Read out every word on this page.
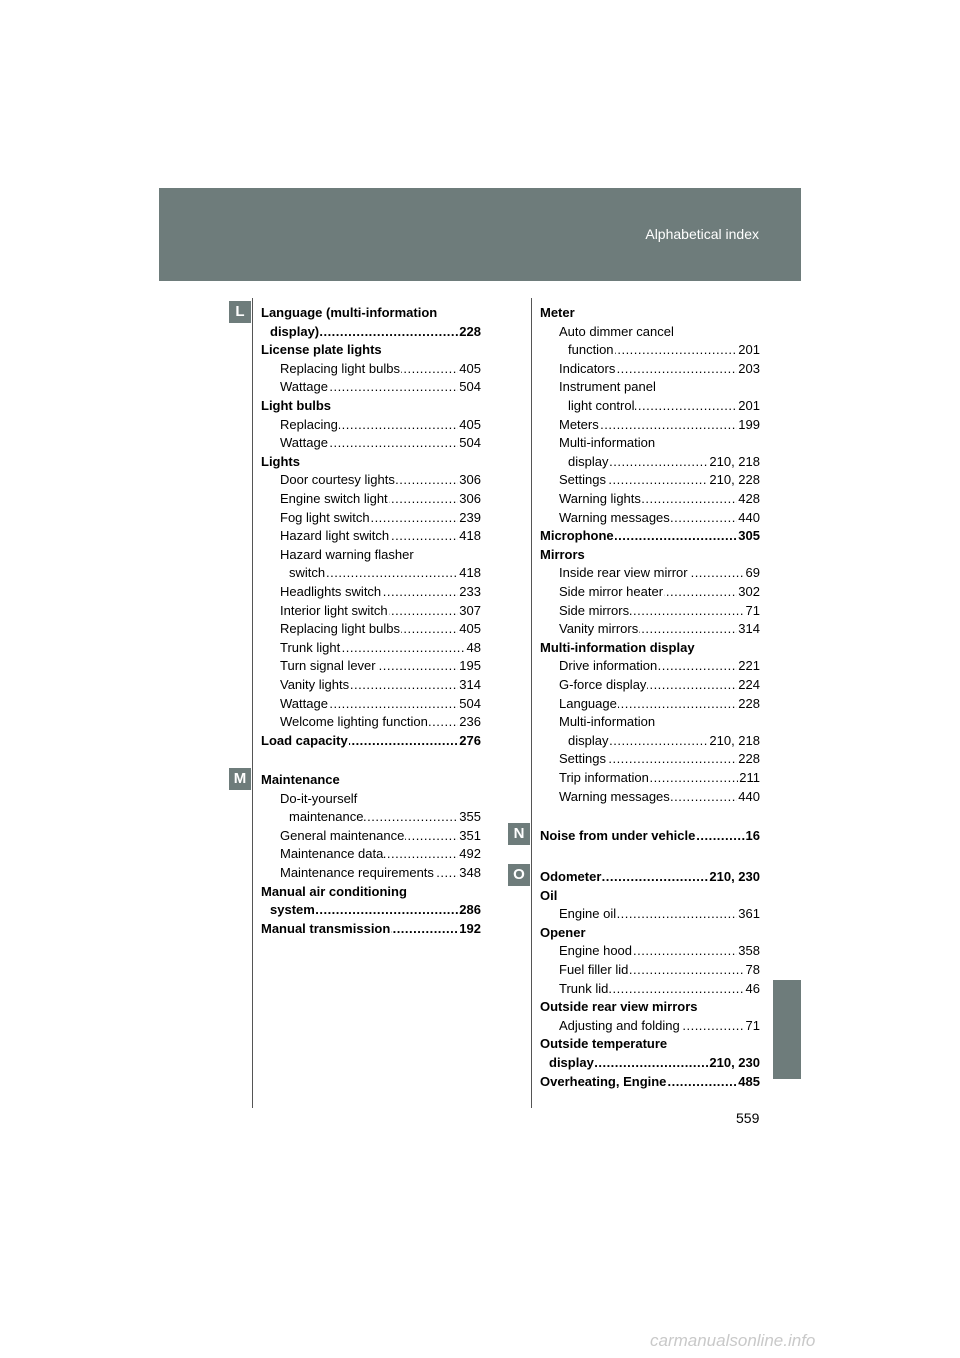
Alphabetical index
L
M
N
O
Language (multi-information
..... display)	228
License plate lights
..... Replacing light bulbs	405
..... Wattage	504
Light bulbs
..... Replacing	405
..... Wattage	504
Lights
..... Door courtesy lights	306
..... Engine switch light	306
..... Fog light switch	239
..... Hazard light switch	418
Hazard warning flasher
..... switch	418
..... Headlights switch	233
..... Interior light switch	307
..... Replacing light bulbs	405
..... Trunk light	48
..... Turn signal lever	195
..... Vanity lights	314
..... Wattage	504
..... Welcome lighting function 236
..... Load capacity	276
Maintenance
Do-it-yourself
..... maintenance	355
..... General maintenance	351
..... Maintenance data	492
..... Maintenance requirements 348
Manual air conditioning
..... system	286
..... Manual transmission	192
Meter
Auto dimmer cancel
..... function	201
..... Indicators	203
Instrument panel
..... light control	201
..... Meters	199
Multi-information
..... display	210, 218
..... Settings	210, 228
..... Warning lights	428
..... Warning messages	440
..... Microphone	305
Mirrors
..... Inside rear view mirror	69
..... Side mirror heater	302
..... Side mirrors	71
..... Vanity mirrors	314
Multi-information display
..... Drive information	221
..... G-force display	224
..... Language	228
Multi-information
..... display	210, 218
..... Settings	228
..... Trip information	211
..... Warning messages	440
..... Noise from under vehicle	16
..... Odometer	210, 230
Oil
..... Engine oil	361
Opener
..... Engine hood	358
..... Fuel filler lid	78
..... Trunk lid	46
Outside rear view mirrors
..... Adjusting and folding	71
Outside temperature
..... display	210, 230
..... Overheating, Engine	485
559
carmanualsonline.info
